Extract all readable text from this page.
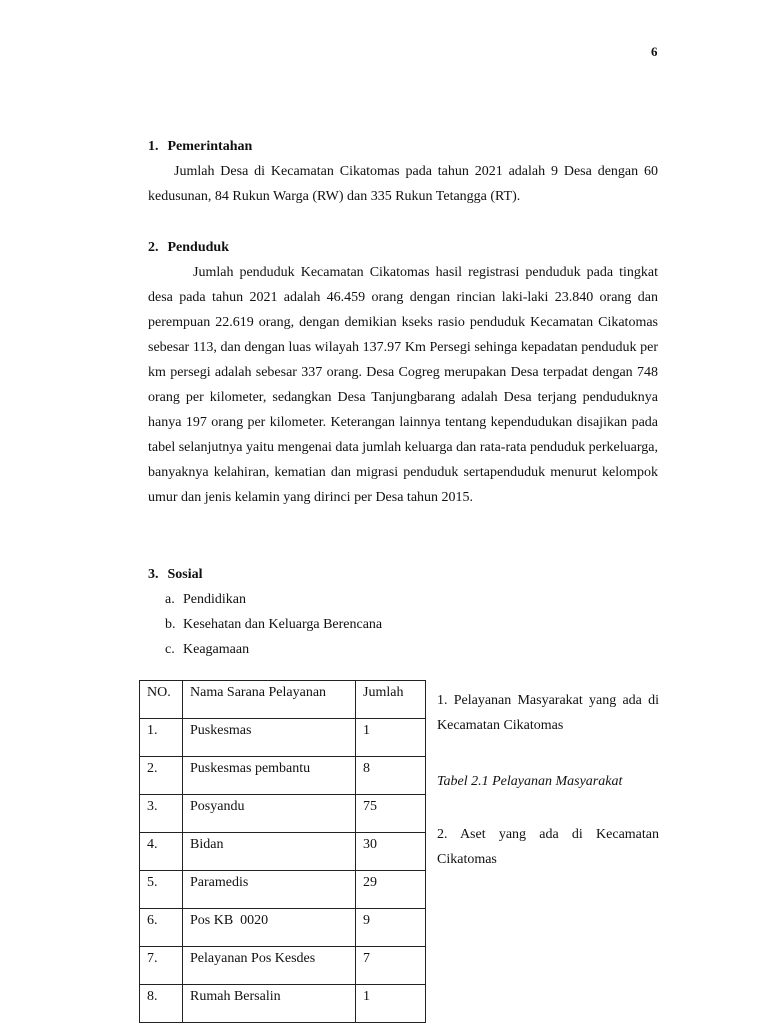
6
1. Pemerintahan

Jumlah Desa di Kecamatan Cikatomas pada tahun 2021 adalah 9 Desa dengan 60 kedusunan, 84 Rukun Warga (RW) dan 335 Rukun Tetangga (RT).

2. Penduduk

Jumlah penduduk Kecamatan Cikatomas hasil registrasi penduduk pada tingkat desa pada tahun 2021 adalah 46.459 orang dengan rincian laki-laki 23.840 orang dan perempuan 22.619 orang, dengan demikian kseks rasio penduduk Kecamatan Cikatomas sebesar 113, dan dengan luas wilayah 137.97 Km Persegi sehinga kepadatan penduduk per km persegi adalah sebesar 337 orang. Desa Cogreg merupakan Desa terpadat dengan 748 orang per kilometer, sedangkan Desa Tanjungbarang adalah Desa terjang penduduknya hanya 197 orang per kilometer. Keterangan lainnya tentang kependudukan disajikan pada tabel selanjutnya yaitu mengenai data jumlah keluarga dan rata-rata penduduk perkeluarga, banyaknya kelahiran, kematian dan migrasi penduduk sertapenduduk menurut kelompok umur dan jenis kelamin yang dirinci per Desa tahun 2015.

3. Sosial
a. Pendidikan
b. Kesehatan dan Keluarga Berencana
c. Keagamaan
NO.	Nama Sarana Pelayanan	Jumlah
1.	Puskesmas	1
2.	Puskesmas pembantu	8
3.	Posyandu	75
4.	Bidan	30
5.	Paramedis	29
6.	Pos KB  0020	9
7.	Pelayanan Pos Kesdes	7
8.	Rumah Bersalin	1

1. Pelayanan Masyarakat yang ada di Kecamatan Cikatomas

Tabel 2.1 Pelayanan Masyarakat

2. Aset yang ada di Kecamatan Cikatomas
